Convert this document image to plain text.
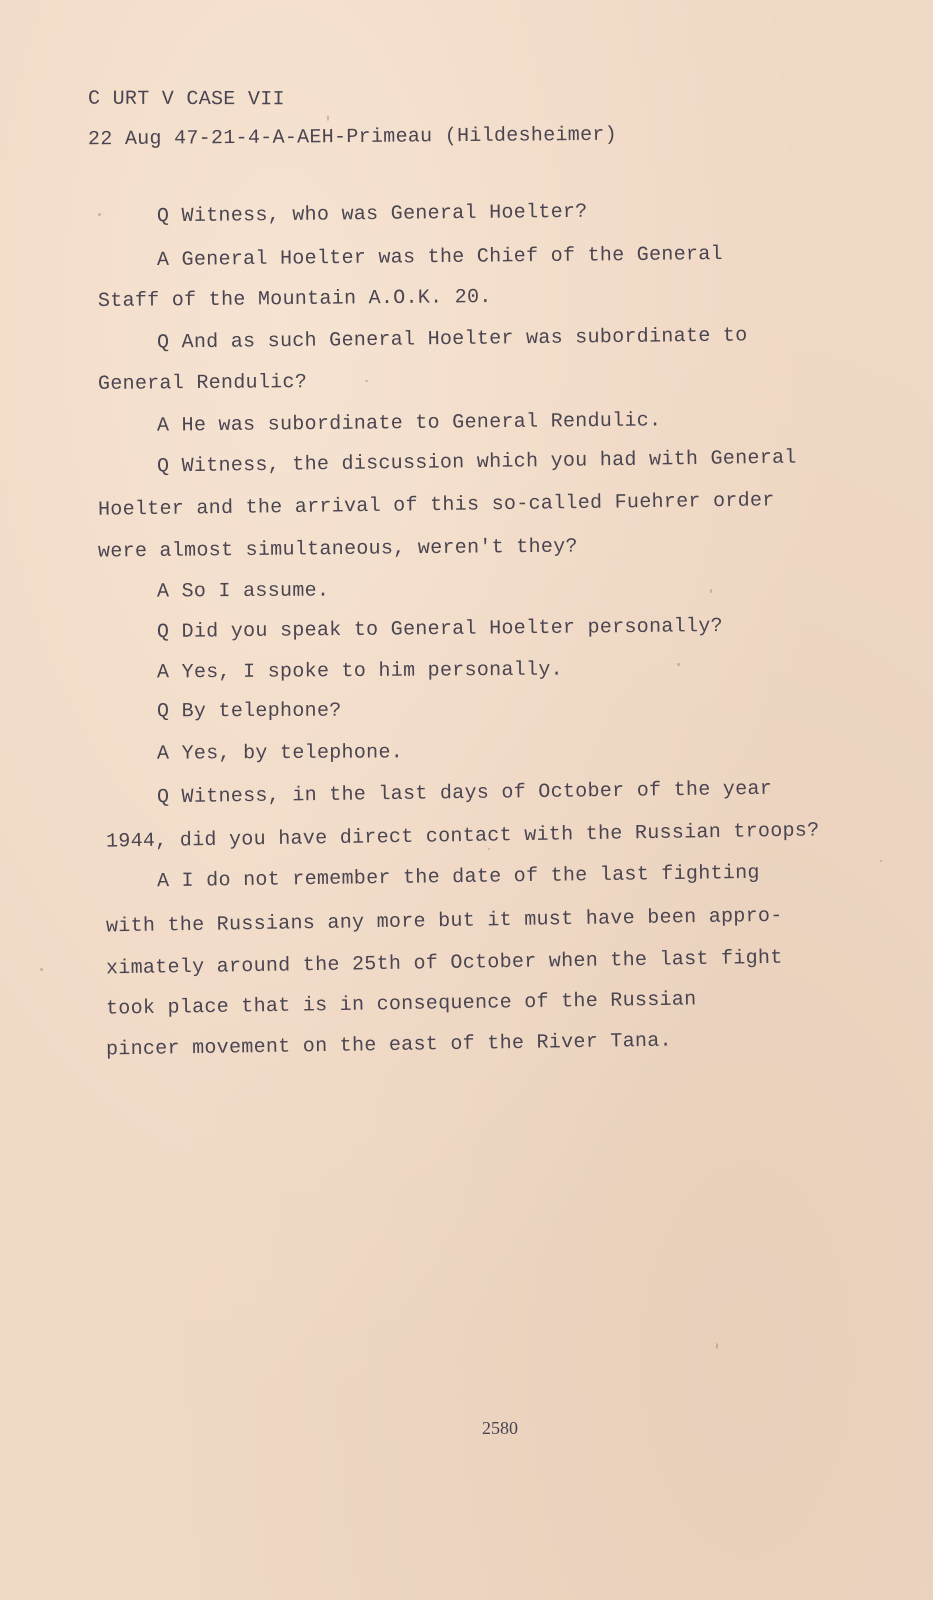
C URT V CASE VII

22 Aug 47-21-4-A-AEH-Primeau (Hildesheimer)

Q Witness, who was General Hoelter?

A General Hoelter was the Chief of the General

Staff of the Mountain A.O.K. 20.

Q And as such General Hoelter was subordinate to

General Rendulic?

A He was subordinate to General Rendulic.

Q Witness, the discussion which you had with General

Hoelter and the arrival of this so-called Fuehrer order

were almost simultaneous, weren't they?

A So I assume.

Q Did you speak to General Hoelter personally?

A Yes, I spoke to him personally.

Q By telephone?

A Yes, by telephone.

Q Witness, in the last days of October of the year

1944, did you have direct contact with the Russian troops?

A I do not remember the date of the last fighting

with the Russians any more but it must have been appro-

ximately around the 25th of October when the last fight

took place that is in consequence of the Russian

pincer movement on the east of the River Tana.

2580
